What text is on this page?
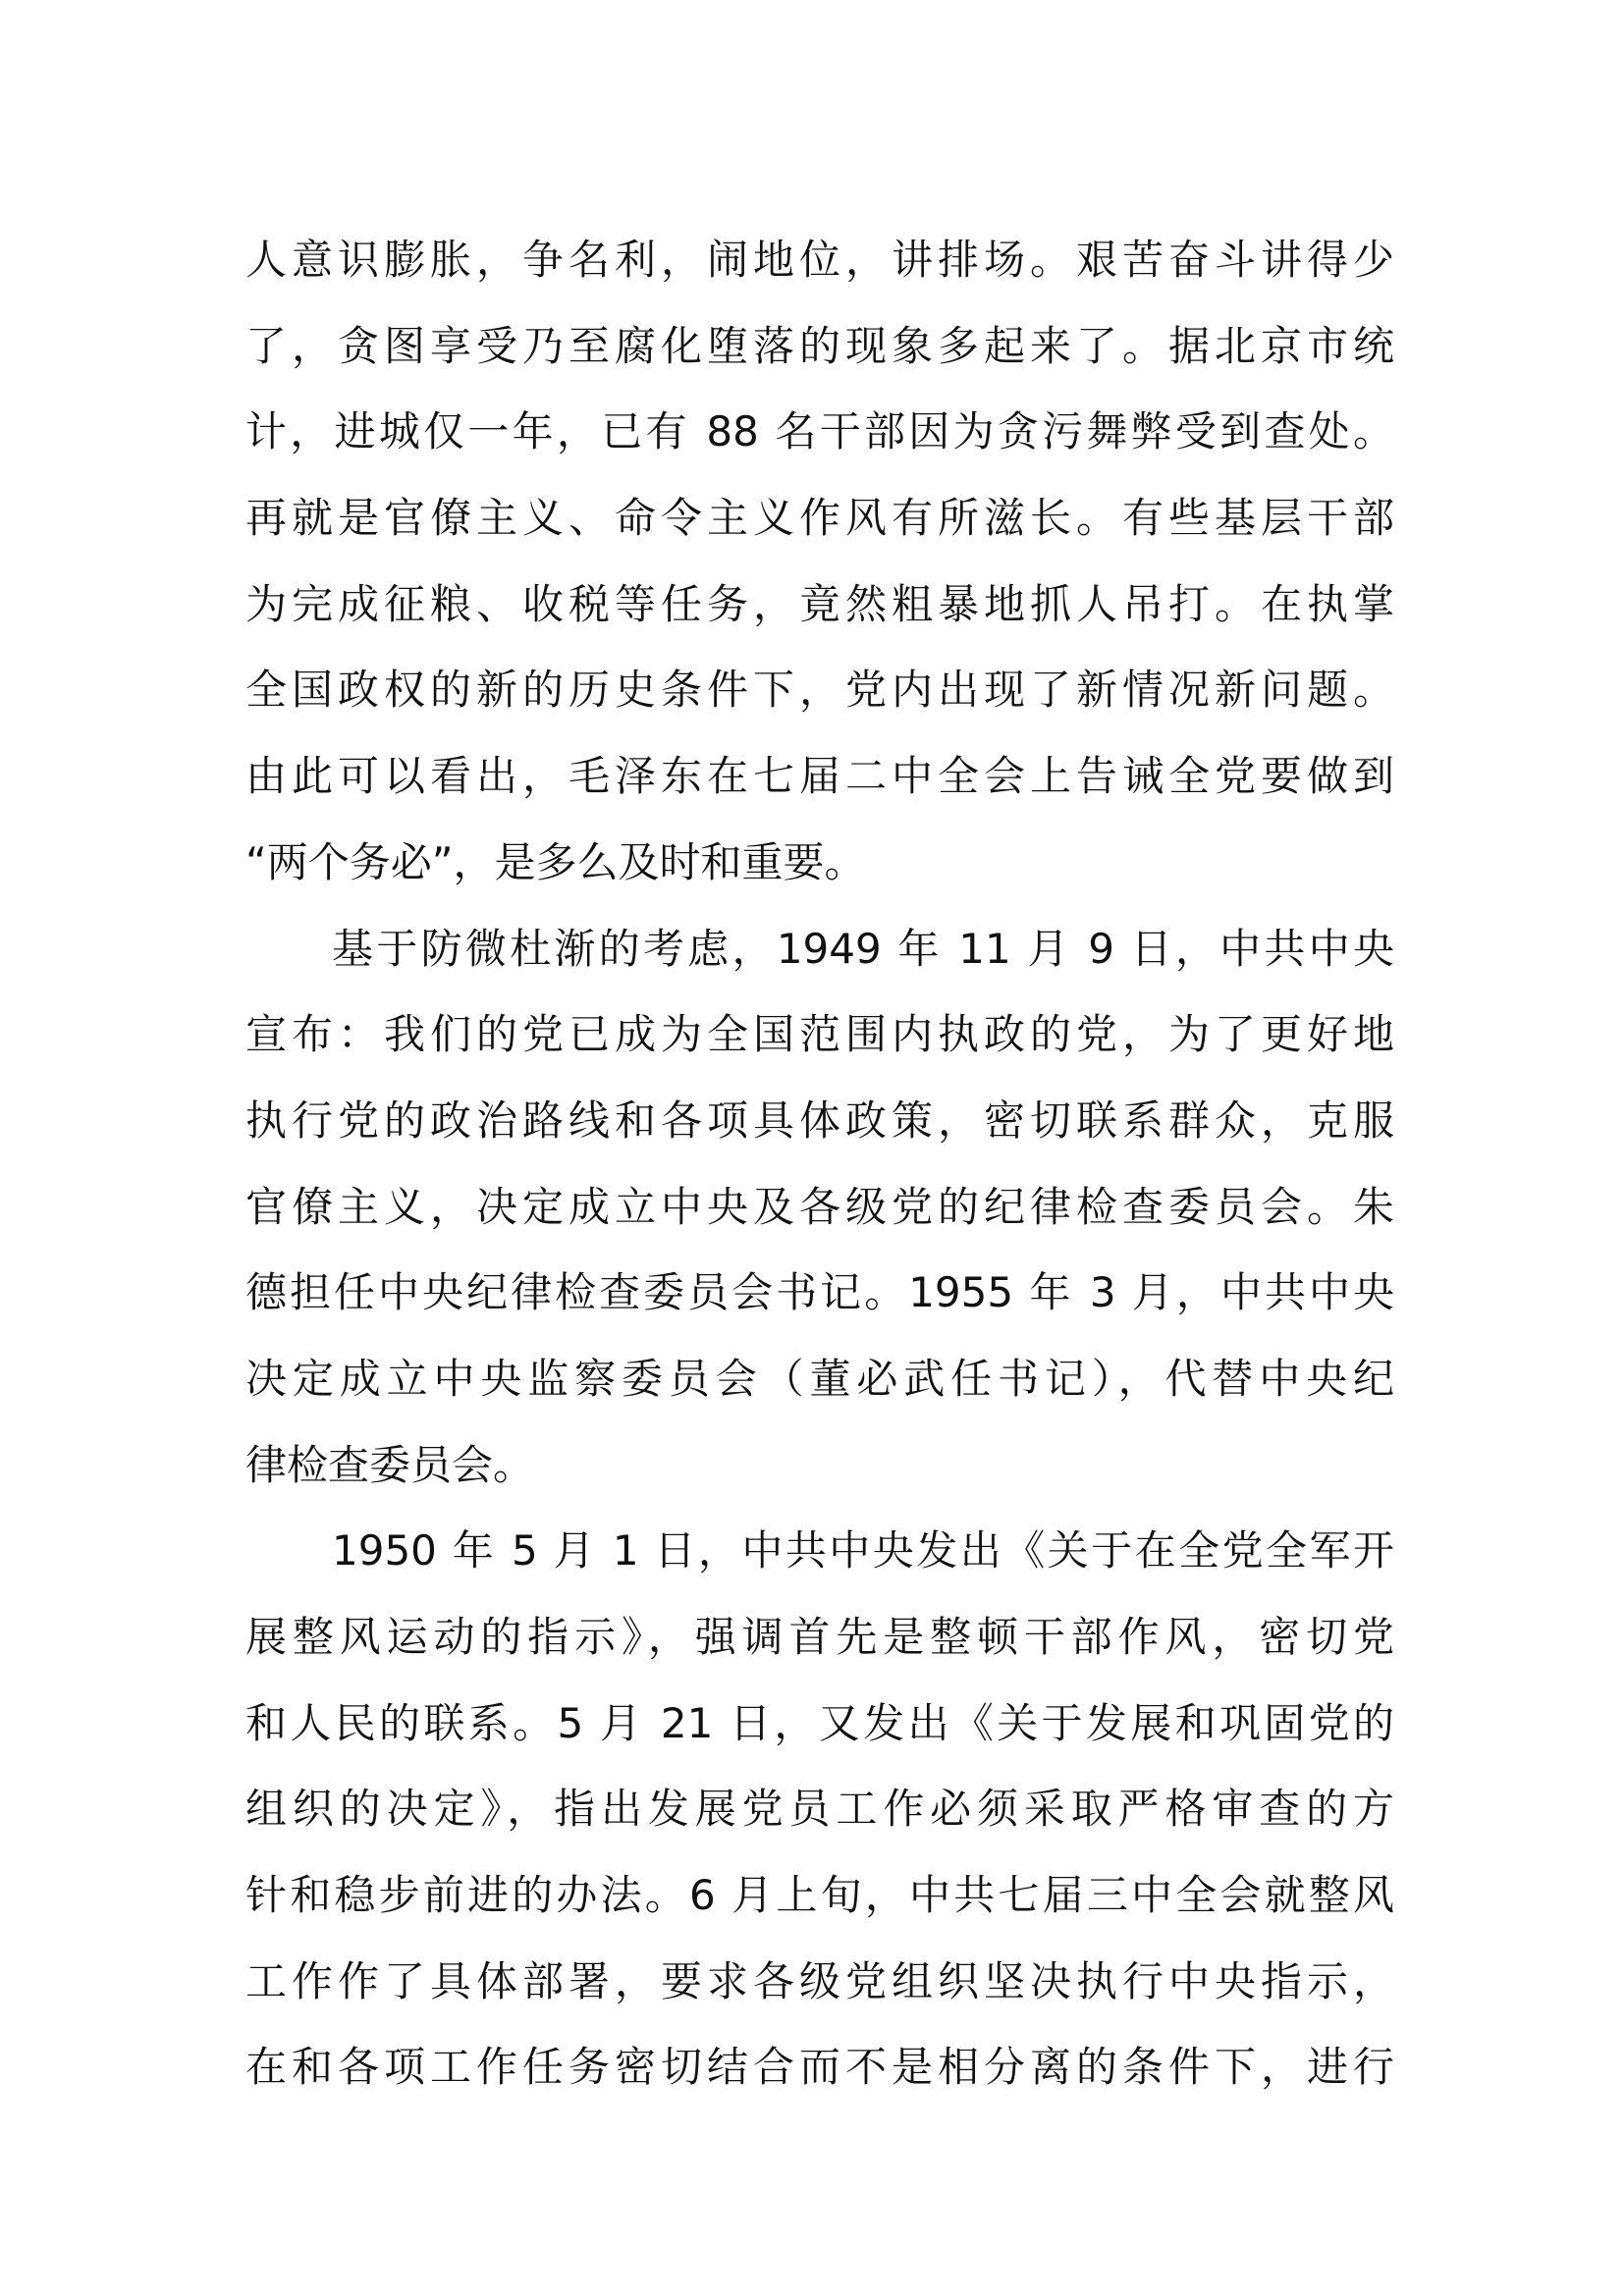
人意识膨胀，争名利，闹地位，讲排场。艰苦奋斗讲得少
了，贪图享受乃至腐化堕落的现象多起来了。据北京市统
计，进城仅一年，已有 88 名干部因为贪污舞弊受到查处。
再就是官僚主义、命令主义作风有所滋长。有些基层干部
为完成征粮、收税等任务，竟然粗暴地抓人吊打。在执掌
全国政权的新的历史条件下，党内出现了新情况新问题。
由此可以看出，毛泽东在七届二中全会上告诫全党要做到
“两个务必”，是多么及时和重要。
基于防微杜渐的考虑，1949 年 11 月 9 日，中共中央
宣布：我们的党已成为全国范围内执政的党，为了更好地
执行党的政治路线和各项具体政策，密切联系群众，克服
官僚主义，决定成立中央及各级党的纪律检查委员会。朱
德担任中央纪律检查委员会书记。1955 年 3 月，中共中央
决定成立中央监察委员会（董必武任书记），代替中央纪
律检查委员会。
1950 年 5 月 1 日，中共中央发出《关于在全党全军开
展整风运动的指示》，强调首先是整顿干部作风，密切党
和人民的联系。5 月 21 日，又发出《关于发展和巩固党的
组织的决定》，指出发展党员工作必须采取严格审查的方
针和稳步前进的办法。6 月上旬，中共七届三中全会就整风
工作作了具体部署，要求各级党组织坚决执行中央指示，
在和各项工作任务密切结合而不是相分离的条件下，进行
